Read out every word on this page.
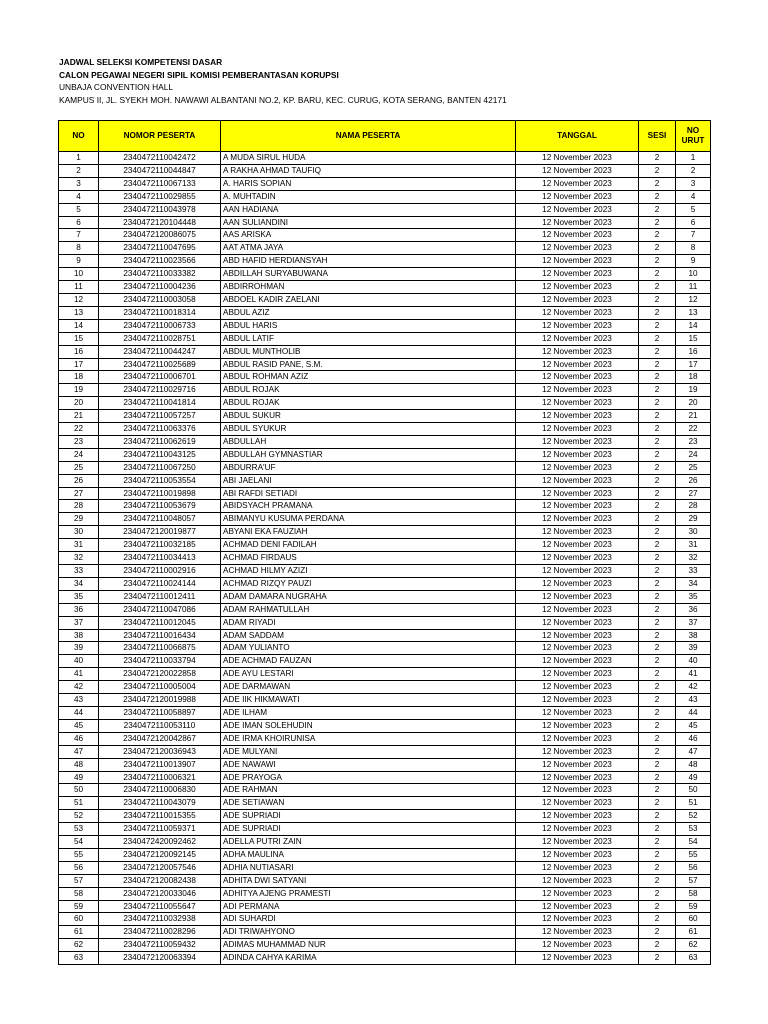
JADWAL SELEKSI KOMPETENSI DASAR
CALON PEGAWAI NEGERI SIPIL KOMISI PEMBERANTASAN KORUPSI
UNBAJA CONVENTION HALL
KAMPUS II, JL. SYEKH MOH. NAWAWI ALBANTANI NO.2, KP. BARU, KEC. CURUG, KOTA SERANG, BANTEN 42171
NO	NOMOR PESERTA	NAMA PESERTA	TANGGAL	SESI	NO URUT
1	2340472110042472	A MUDA SIRUL HUDA	12 November 2023	2	1
2	2340472110044847	A RAKHA AHMAD TAUFIQ	12 November 2023	2	2
3	2340472110067133	A. HARIS SOPIAN	12 November 2023	2	3
4	2340472110029855	A. MUHTADIN	12 November 2023	2	4
5	2340472110043978	AAN HADIANA	12 November 2023	2	5
6	2340472120104448	AAN SULIANDINI	12 November 2023	2	6
7	2340472120086075	AAS ARISKA	12 November 2023	2	7
8	2340472110047695	AAT ATMA JAYA	12 November 2023	2	8
9	2340472110023566	ABD HAFID HERDIANSYAH	12 November 2023	2	9
10	2340472110033382	ABDILLAH SURYABUWANA	12 November 2023	2	10
11	2340472110004236	ABDIRROHMAN	12 November 2023	2	11
12	2340472110003058	ABDOEL KADIR ZAELANI	12 November 2023	2	12
13	2340472110018314	ABDUL AZIZ	12 November 2023	2	13
14	2340472110006733	ABDUL HARIS	12 November 2023	2	14
15	2340472110028751	ABDUL LATIF	12 November 2023	2	15
16	2340472110044247	ABDUL MUNTHOLIB	12 November 2023	2	16
17	2340472110025689	ABDUL RASID PANE, S.M.	12 November 2023	2	17
18	2340472110006701	ABDUL ROHMAN AZIZ	12 November 2023	2	18
19	2340472110029716	ABDUL ROJAK	12 November 2023	2	19
20	2340472110041814	ABDUL ROJAK	12 November 2023	2	20
21	2340472110057257	ABDUL SUKUR	12 November 2023	2	21
22	2340472110063376	ABDUL SYUKUR	12 November 2023	2	22
23	2340472110062619	ABDULLAH	12 November 2023	2	23
24	2340472110043125	ABDULLAH GYMNASTIAR	12 November 2023	2	24
25	2340472110067250	ABDURRA'UF	12 November 2023	2	25
26	2340472110053554	ABI JAELANI	12 November 2023	2	26
27	2340472110019898	ABI RAFDI SETIADI	12 November 2023	2	27
28	2340472110053679	ABIDSYACH PRAMANA	12 November 2023	2	28
29	2340472110048057	ABIMANYU KUSUMA PERDANA	12 November 2023	2	29
30	2340472120019877	ABYANI EKA FAUZIAH	12 November 2023	2	30
31	2340472110032185	ACHMAD DENI FADILAH	12 November 2023	2	31
32	2340472110034413	ACHMAD FIRDAUS	12 November 2023	2	32
33	2340472110002916	ACHMAD HILMY AZIZI	12 November 2023	2	33
34	2340472110024144	ACHMAD RIZQY PAUZI	12 November 2023	2	34
35	2340472110012411	ADAM DAMARA NUGRAHA	12 November 2023	2	35
36	2340472110047086	ADAM RAHMATULLAH	12 November 2023	2	36
37	2340472110012045	ADAM RIYADI	12 November 2023	2	37
38	2340472110016434	ADAM SADDAM	12 November 2023	2	38
39	2340472110066875	ADAM YULIANTO	12 November 2023	2	39
40	2340472110033794	ADE ACHMAD FAUZAN	12 November 2023	2	40
41	2340472120022858	ADE AYU LESTARI	12 November 2023	2	41
42	2340472110005004	ADE DARMAWAN	12 November 2023	2	42
43	2340472120019988	ADE IIK HIKMAWATI	12 November 2023	2	43
44	2340472110058897	ADE ILHAM	12 November 2023	2	44
45	2340472110053110	ADE IMAN SOLEHUDIN	12 November 2023	2	45
46	2340472120042867	ADE IRMA KHOIRUNISA	12 November 2023	2	46
47	2340472120036943	ADE MULYANI	12 November 2023	2	47
48	2340472110013907	ADE NAWAWI	12 November 2023	2	48
49	2340472110006321	ADE PRAYOGA	12 November 2023	2	49
50	2340472110006830	ADE RAHMAN	12 November 2023	2	50
51	2340472110043079	ADE SETIAWAN	12 November 2023	2	51
52	2340472110015355	ADE SUPRIADI	12 November 2023	2	52
53	2340472110059371	ADE SUPRIADI	12 November 2023	2	53
54	2340472420092462	ADELLA PUTRI ZAIN	12 November 2023	2	54
55	2340472120092145	ADHA MAULINA	12 November 2023	2	55
56	2340472120057546	ADHIA NUTIASARI	12 November 2023	2	56
57	2340472120082438	ADHITA DWI SATYANI	12 November 2023	2	57
58	2340472120033046	ADHITYA AJENG PRAMESTI	12 November 2023	2	58
59	2340472110055647	ADI PERMANA	12 November 2023	2	59
60	2340472110032938	ADI SUHARDI	12 November 2023	2	60
61	2340472110028296	ADI TRIWAHYONO	12 November 2023	2	61
62	2340472110059432	ADIMAS MUHAMMAD NUR	12 November 2023	2	62
63	2340472120063394	ADINDA CAHYA KARIMA	12 November 2023	2	63
